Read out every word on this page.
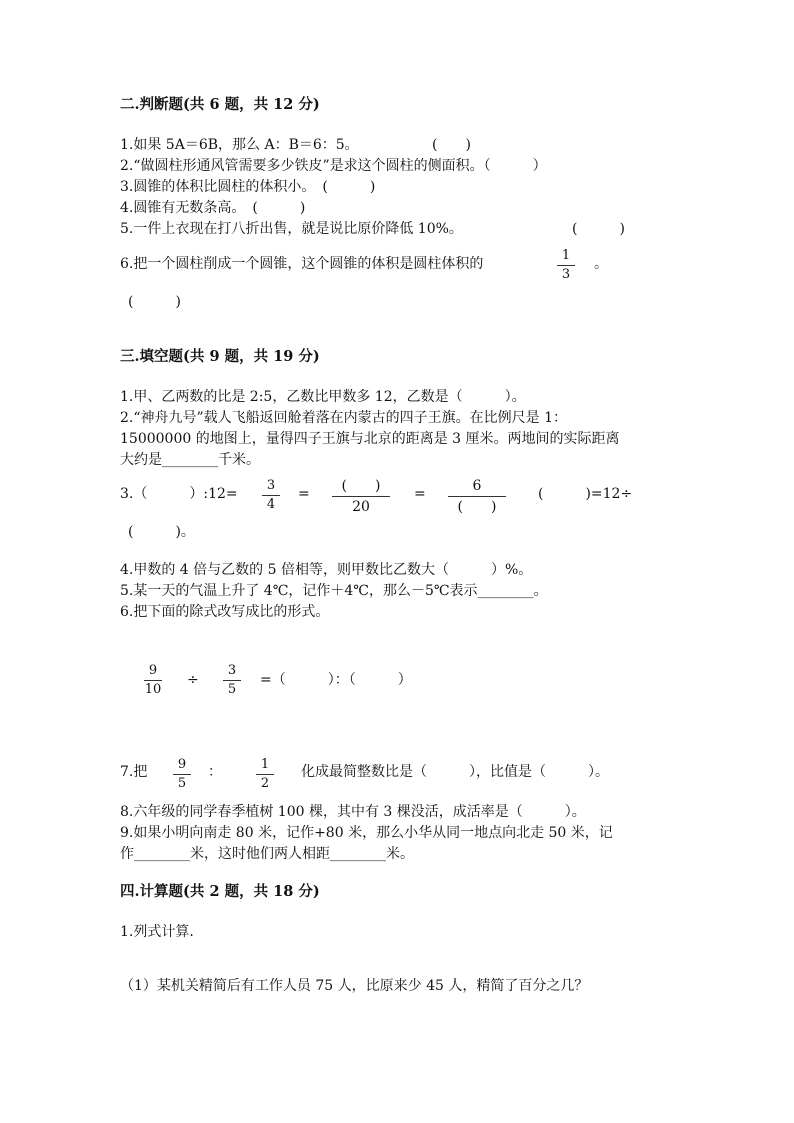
二.判断题(共 6 题，共 12 分)
1.如果 5A＝6B，那么 A：B＝6：5。	(　　)
2.“做圆柱形通风管需要多少铁皮”是求这个圆柱的侧面积。（　　　）
3.圆锥的体积比圆柱的体积小。　(　　　)
4.圆锥有无数条高。　(　　　)
5.一件上衣现在打八折出售，就是说比原价降低 10%。	(　　　)
6.把一个圆柱削成一个圆锥，这个圆锥的体积是圆柱体积的
1
3
。
(　　　)
三.填空题(共 9 题，共 19 分)
1.甲、乙两数的比是 2:5，乙数比甲数多 12，乙数是（　　　）。
2.“神舟九号”载人飞船返回舱着落在内蒙古的四子王旗。在比例尺是 1：
15000000 的地图上，量得四子王旗与北京的距离是 3 厘米。两地间的实际距离
大约是________千米。
3.（　　　）:12=
3
4
=	(　　)
20
=	6
(　　)
(　　　)=12÷
(　　　)。
4.甲数的 4 倍与乙数的 5 倍相等，则甲数比乙数大（　　　）%。
5.某一天的气温上升了 4℃，记作＋4℃，那么－5℃表示________。
6.把下面的除式改写成比的形式。
9
10
÷
3
5
=（　　　）：（　　　）
7.把	9
5
：	1
2
化成最简整数比是（　　　），比值是（　　　）。
8.六年级的同学春季植树 100 棵，其中有 3 棵没活，成活率是（　　　）。
9.如果小明向南走 80 米，记作+80 米，那么小华从同一地点向北走 50 米，记
作________米，这时他们两人相距________米。
四.计算题(共 2 题，共 18 分)
1.列式计算.
（1）某机关精简后有工作人员 75 人，比原来少 45 人，精简了百分之几？
